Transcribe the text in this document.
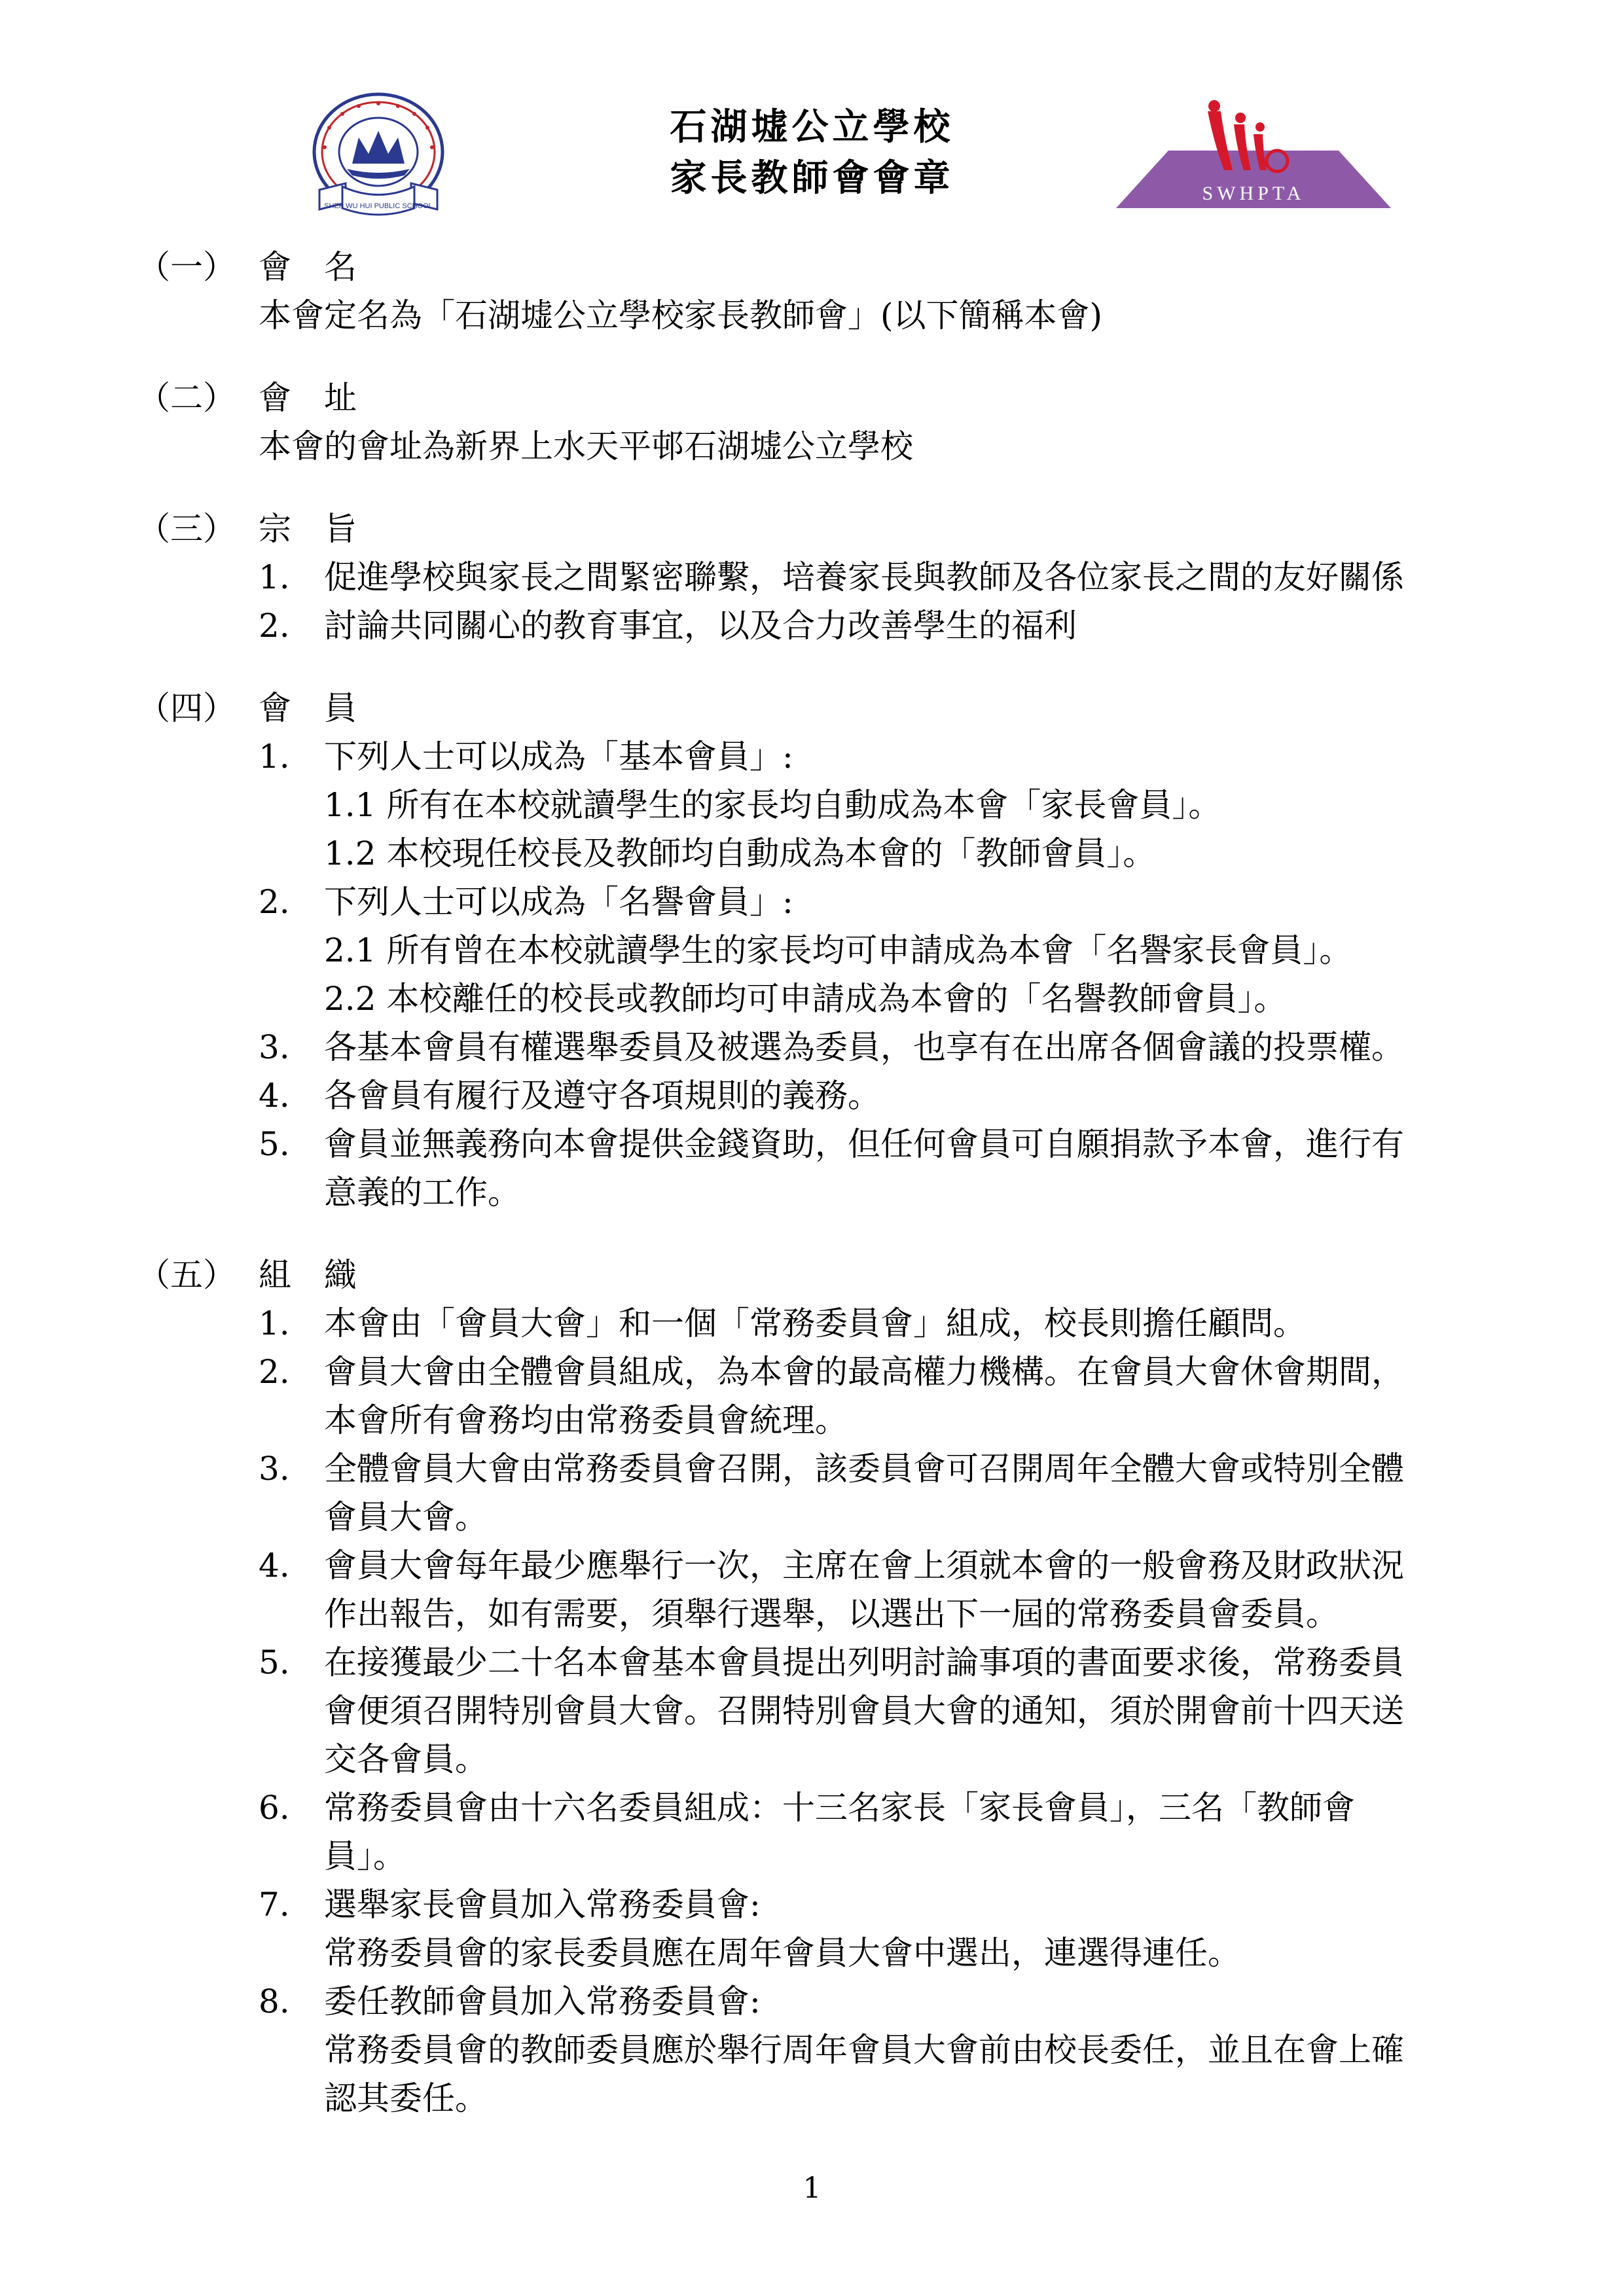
SHEK WU HUI PUBLIC SCHOOL
石湖墟公立學校
家長教師會會章	SWHPTA
（一） 會名
本會定名為「石湖墟公立學校家長教師會」(以下簡稱本會)
（二） 會址
本會的會址為新界上水天平邨石湖墟公立學校
（三） 宗旨
1. 促進學校與家長之間緊密聯繫，培養家長與教師及各位家長之間的友好關係
2. 討論共同關心的教育事宜，以及合力改善學生的福利
（四） 會員
1. 下列人士可以成為「基本會員」:
1.1 所有在本校就讀學生的家長均自動成為本會「家長會員」。
1.2 本校現任校長及教師均自動成為本會的「教師會員」。
2. 下列人士可以成為「名譽會員」:
2.1 所有曾在本校就讀學生的家長均可申請成為本會「名譽家長會員」。
2.2 本校離任的校長或教師均可申請成為本會的「名譽教師會員」。
3. 各基本會員有權選舉委員及被選為委員，也享有在出席各個會議的投票權。
4. 各會員有履行及遵守各項規則的義務。
5. 會員並無義務向本會提供金錢資助，但任何會員可自願捐款予本會，進行有
意義的工作。
（五） 組織
1. 本會由「會員大會」和一個「常務委員會」組成，校長則擔任顧問。
2. 會員大會由全體會員組成，為本會的最高權力機構。在會員大會休會期間，
本會所有會務均由常務委員會統理。
3. 全體會員大會由常務委員會召開，該委員會可召開周年全體大會或特別全體
會員大會。
4. 會員大會每年最少應舉行一次，主席在會上須就本會的一般會務及財政狀況
作出報告，如有需要，須舉行選舉，以選出下一屆的常務委員會委員。
5. 在接獲最少二十名本會基本會員提出列明討論事項的書面要求後，常務委員
會便須召開特別會員大會。召開特別會員大會的通知，須於開會前十四天送
交各會員。
6. 常務委員會由十六名委員組成：十三名家長「家長會員」，三名「教師會
員」。
7. 選舉家長會員加入常務委員會:
常務委員會的家長委員應在周年會員大會中選出，連選得連任。
8. 委任教師會員加入常務委員會:
常務委員會的教師委員應於舉行周年會員大會前由校長委任，並且在會上確
認其委任。
1
